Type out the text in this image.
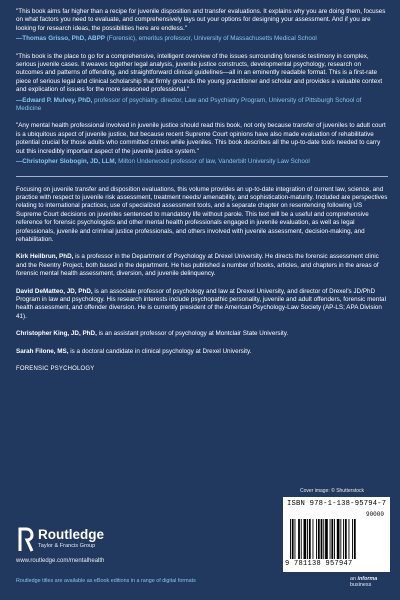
"This book aims far higher than a recipe for juvenile disposition and transfer evaluations. It explains why you are doing them, focuses on what factors you need to evaluate, and comprehensively lays out your options for designing your assessment. And if you are looking for research ideas, the possibilities here are endless."

—Thomas Grisso, PhD, ABPP (Forensic), emeritus professor, University of Massachusetts Medical School

"This book is the place to go for a comprehensive, intelligent overview of the issues surrounding forensic testimony in complex, serious juvenile cases. It weaves together legal analysis, juvenile justice constructs, developmental psychology, research on outcomes and patterns of offending, and straightforward clinical guidelines—all in an eminently readable format. This is a first-rate piece of serious legal and clinical scholarship that firmly grounds the young practitioner and scholar and provides a valuable context and explication of issues for the more seasoned professional."

—Edward P. Mulvey, PhD, professor of psychiatry, director, Law and Psychiatry Program, University of Pittsburgh School of Medicine

"Any mental health professional involved in juvenile justice should read this book, not only because transfer of juveniles to adult court is a ubiquitous aspect of juvenile justice, but because recent Supreme Court opinions have also made evaluation of rehabilitative potential crucial for those adults who committed crimes while juveniles. This book describes all the up-to-date tools needed to carry out this incredibly important aspect of the juvenile justice system."

—Christopher Slobogin, JD, LLM, Milton Underwood professor of law, Vanderbilt University Law School

Focusing on juvenile transfer and disposition evaluations, this volume provides an up-to-date integration of current law, science, and practice with respect to juvenile risk assessment, treatment needs/ amenability, and sophistication-maturity. Included are perspectives relating to international practices, use of specialized assessment tools, and a separate chapter on resentencing following US Supreme Court decisions on juveniles sentenced to mandatory life without parole. This text will be a useful and comprehensive reference for forensic psychologists and other mental health professionals engaged in juvenile evaluation, as well as legal professionals, juvenile and criminal justice professionals, and others involved with juvenile assessment, decision-making, and rehabilitation.

Kirk Heilbrun, PhD, is a professor in the Department of Psychology at Drexel University. He directs the forensic assessment clinic and the Reentry Project, both based in the department. He has published a number of books, articles, and chapters in the areas of forensic mental health assessment, diversion, and juvenile delinquency.

David DeMatteo, JD, PhD, is an associate professor of psychology and law at Drexel University, and director of Drexel's JD/PhD Program in law and psychology. His research interests include psychopathic personality, juvenile and adult offenders, forensic mental health assessment, and offender diversion. He is currently president of the American Psychology-Law Society (AP-LS; APA Division 41).

Christopher King, JD, PhD, is an assistant professor of psychology at Montclair State University.

Sarah Filone, MS, is a doctoral candidate in clinical psychology at Drexel University.

FORENSIC PSYCHOLOGY

Cover image: © Shutterstock
ISBN 978-1-138-95794-7
90000
9 781138 957947
Routledge
Taylor & Francis Group
www.routledge.com/mentalhealth
Routledge titles are available as eBook editions in a range of digital formats	an informa business
